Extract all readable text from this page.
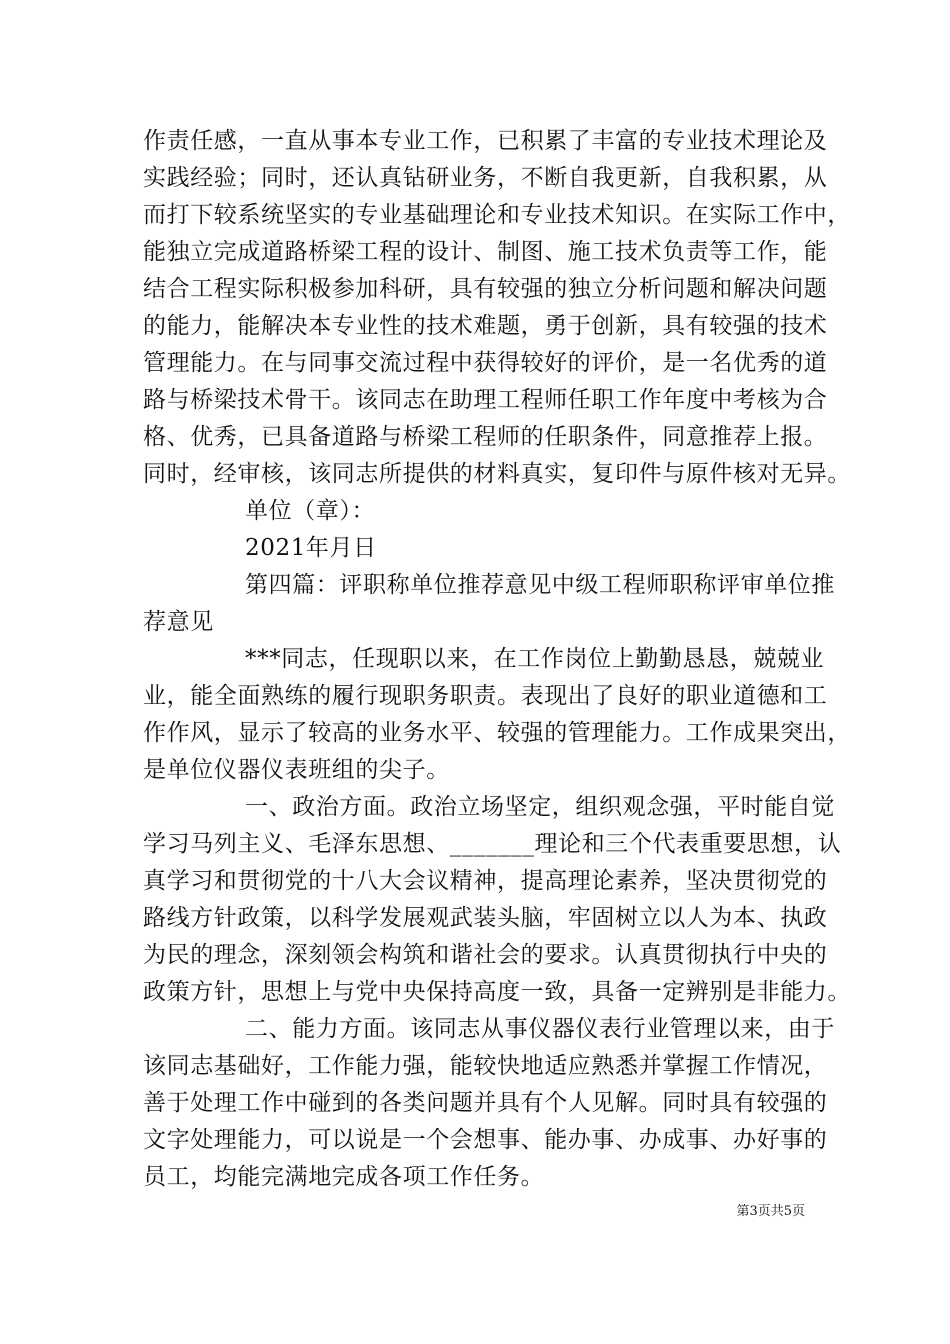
作责任感，一直从事本专业工作，已积累了丰富的专业技术理论及
实践经验；同时，还认真钻研业务，不断自我更新，自我积累，从
而打下较系统坚实的专业基础理论和专业技术知识。在实际工作中，
能独立完成道路桥梁工程的设计、制图、施工技术负责等工作，能
结合工程实际积极参加科研，具有较强的独立分析问题和解决问题
的能力，能解决本专业性的技术难题，勇于创新，具有较强的技术
管理能力。在与同事交流过程中获得较好的评价，是一名优秀的道
路与桥梁技术骨干。该同志在助理工程师任职工作年度中考核为合
格、优秀，已具备道路与桥梁工程师的任职条件，同意推荐上报。
同时，经审核，该同志所提供的材料真实，复印件与原件核对无异。
单位（章）：
2021年月日
第四篇：评职称单位推荐意见中级工程师职称评审单位推
荐意见
***同志，任现职以来，在工作岗位上勤勤恳恳，兢兢业
业，能全面熟练的履行现职务职责。表现出了良好的职业道德和工
作作风，显示了较高的业务水平、较强的管理能力。工作成果突出，
是单位仪器仪表班组的尖子。
一、政治方面。政治立场坚定，组织观念强，平时能自觉
学习马列主义、毛泽东思想、_______理论和三个代表重要思想，认
真学习和贯彻党的十八大会议精神，提高理论素养，坚决贯彻党的
路线方针政策，以科学发展观武装头脑，牢固树立以人为本、执政
为民的理念，深刻领会构筑和谐社会的要求。认真贯彻执行中央的
政策方针，思想上与党中央保持高度一致，具备一定辨别是非能力。
二、能力方面。该同志从事仪器仪表行业管理以来，由于
该同志基础好，工作能力强，能较快地适应熟悉并掌握工作情况，
善于处理工作中碰到的各类问题并具有个人见解。同时具有较强的
文字处理能力，可以说是一个会想事、能办事、办成事、办好事的
员工，均能完满地完成各项工作任务。
第3页共5页
